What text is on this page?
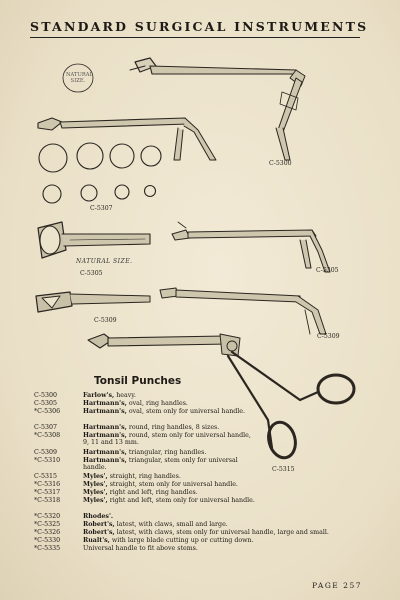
STANDARD SURGICAL INSTRUMENTS
NATURAL SIZE.
NATURAL SIZE.
C-5300
C-5307
C-5305	C-5305
C-5309
C-5309
C-5315
Tonsil Punches
C-5300	Farlow's, heavy.
C-5305	Hartmann's, oval, ring handles.
*C-5306	Hartmann's, oval, stem only for universal handle.
C-5307	Hartmann's, round, ring handles, 8 sizes.
*C-5308	Hartmann's, round, stem only for universal handle, 9, 11 and 13 mm.
C-5309	Hartmann's, triangular, ring handles.
*C-5310	Hartmann's, triangular, stem only for universal handle.
C-5315	Myles', straight, ring handles.
*C-5316	Myles', straight, stem only for universal handle.
*C-5317	Myles', right and left, ring handles.
*C-5318	Myles', right and left, stem only for universal handle.
*C-5320	Rhodes'.
*C-5325	Robert's, latest, with claws, small and large.
*C-5326	Robert's, latest, with claws, stem only for universal handle, large and small.
*C-5330	Rualt's, with large blade cutting up or cutting down.
*C-5335	Universal handle to fit above stems.
PAGE 257
